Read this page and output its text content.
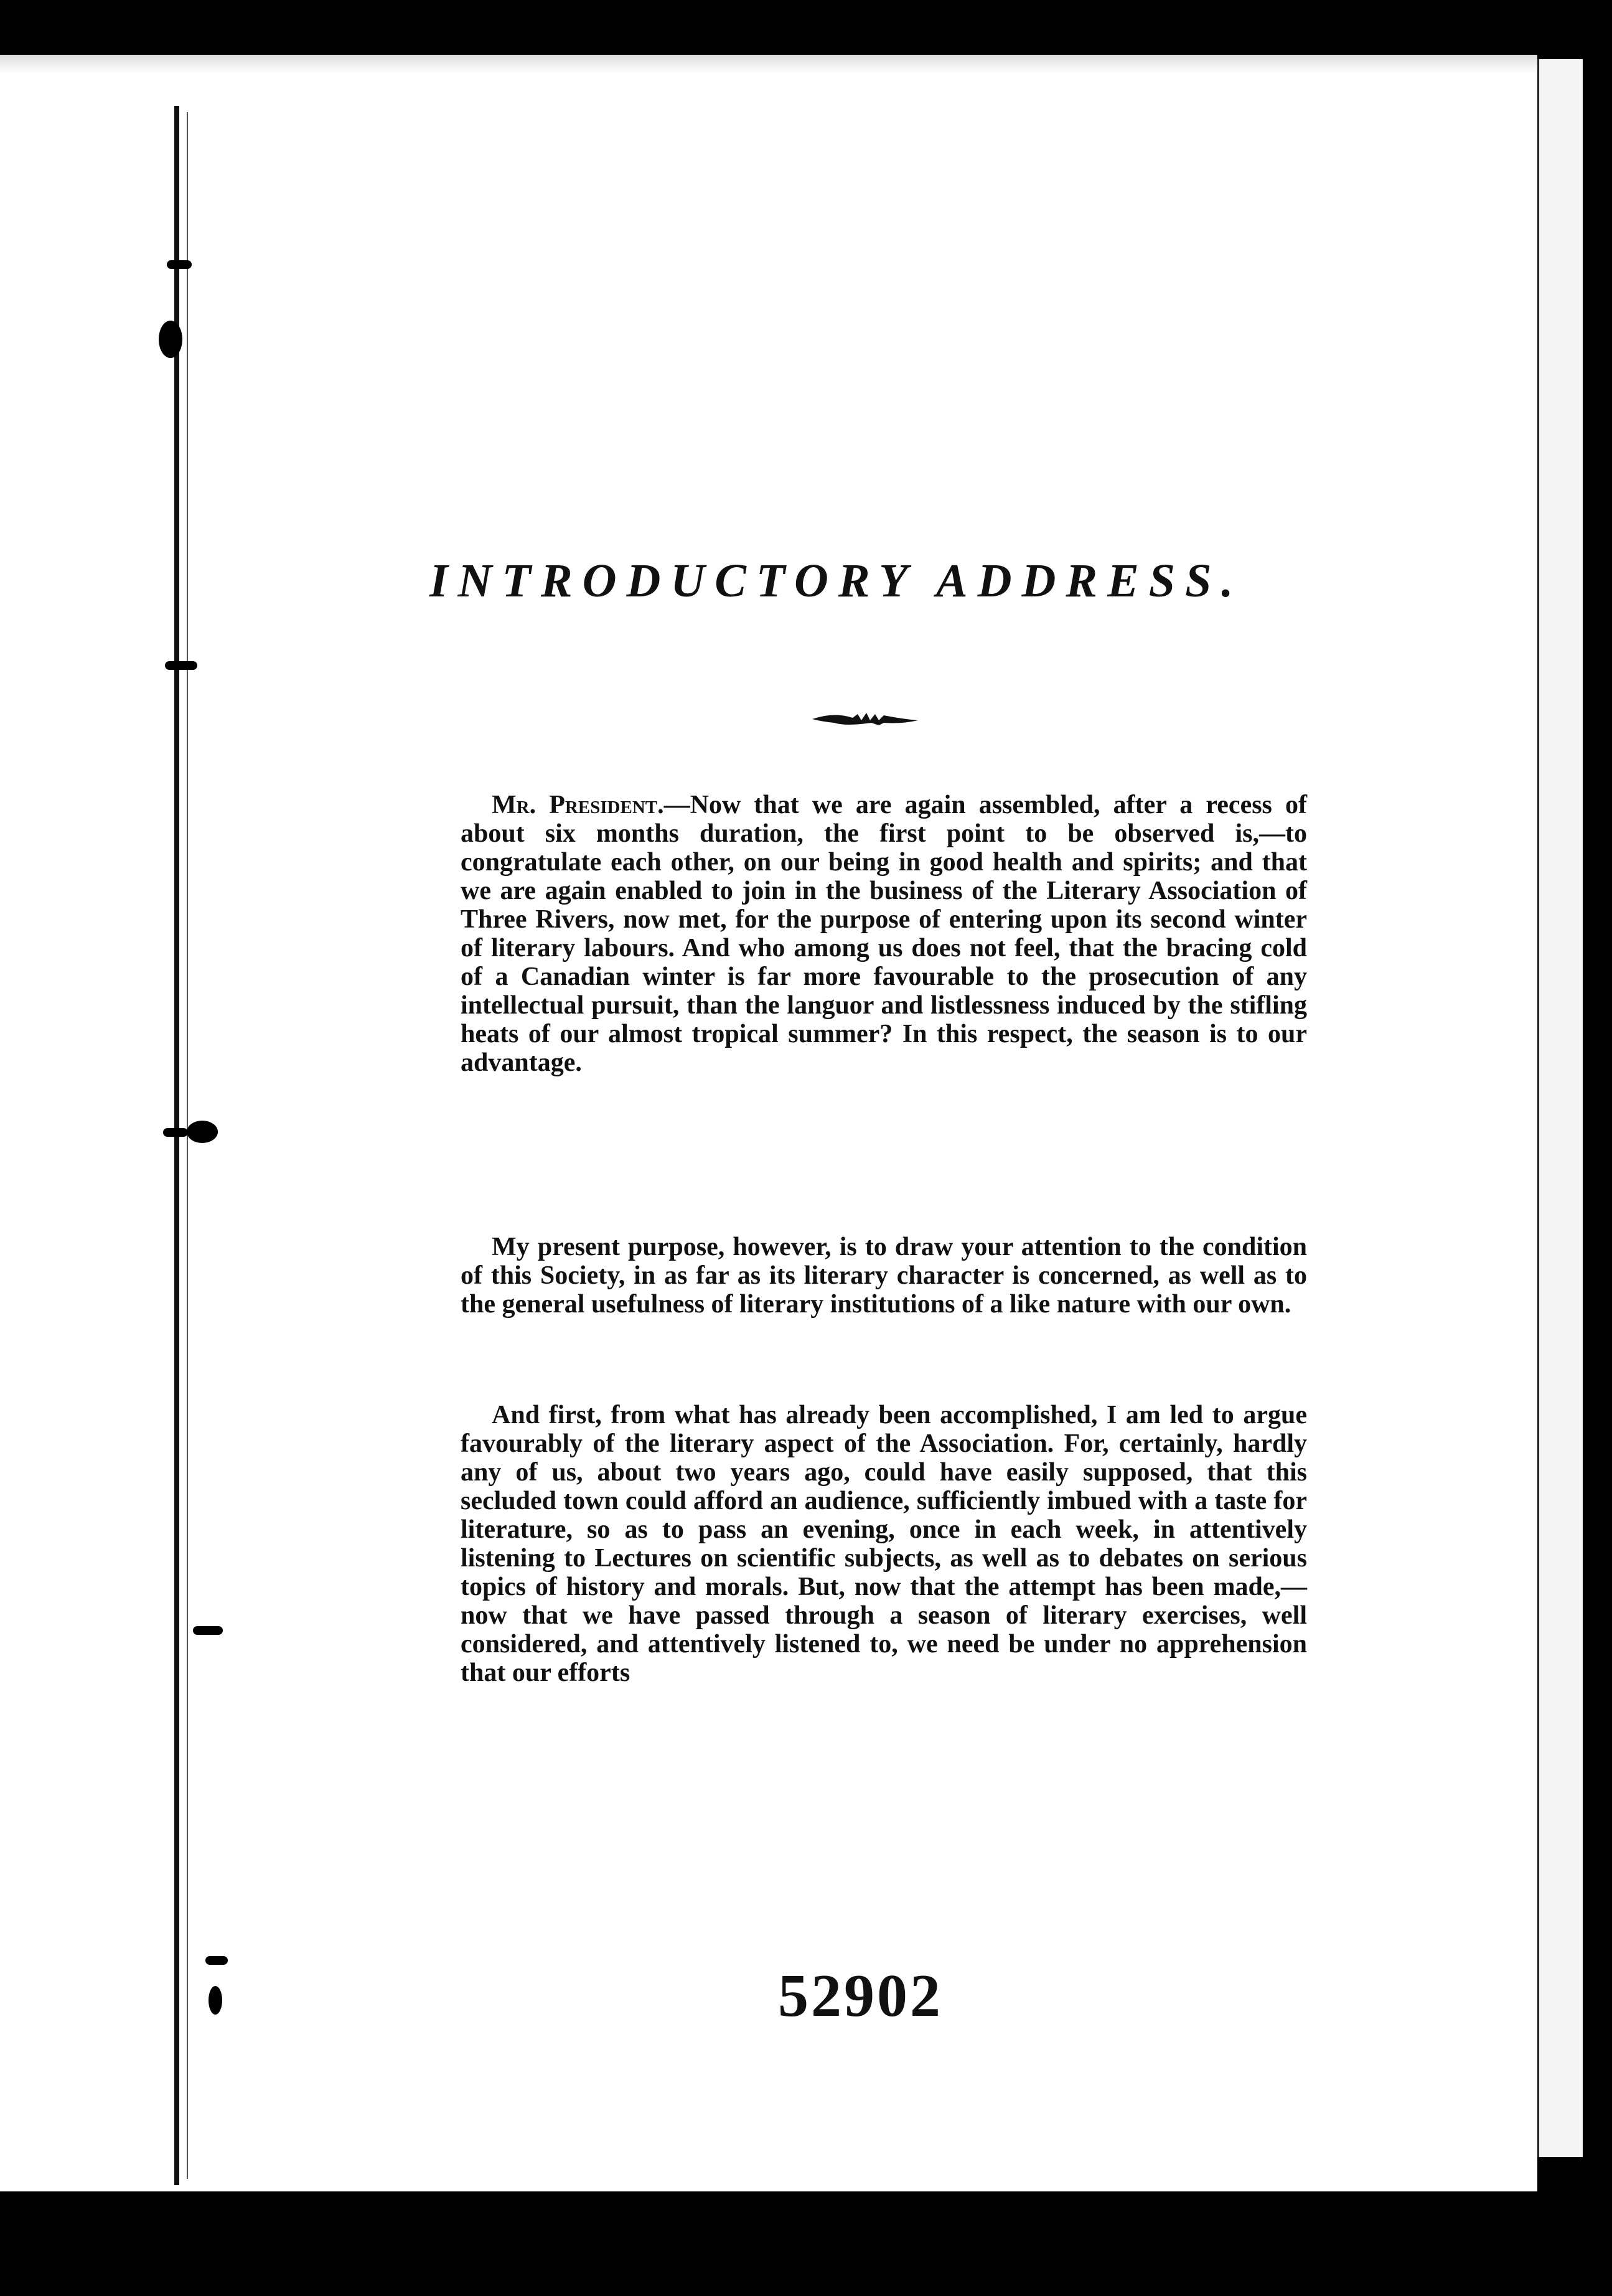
INTRODUCTORY ADDRESS.
Mr. President.—Now that we are again assembled, after a recess of about six months duration, the first point to be observed is,—to congratulate each other, on our being in good health and spirits; and that we are again enabled to join in the business of the Literary Association of Three Rivers, now met, for the purpose of entering upon its second winter of literary labours. And who among us does not feel, that the bracing cold of a Canadian winter is far more favourable to the prosecution of any intellectual pursuit, than the languor and listlessness induced by the stifling heats of our almost tropical summer? In this respect, the season is to our advantage.
My present purpose, however, is to draw your attention to the condition of this Society, in as far as its literary character is concerned, as well as to the general usefulness of literary institutions of a like nature with our own.
And first, from what has already been accomplished, I am led to argue favourably of the literary aspect of the Association. For, certainly, hardly any of us, about two years ago, could have easily supposed, that this secluded town could afford an audience, sufficiently imbued with a taste for literature, so as to pass an evening, once in each week, in attentively listening to Lectures on scientific subjects, as well as to debates on serious topics of history and morals. But, now that the attempt has been made,—now that we have passed through a season of literary exercises, well considered, and attentively listened to, we need be under no apprehension that our efforts
52902
